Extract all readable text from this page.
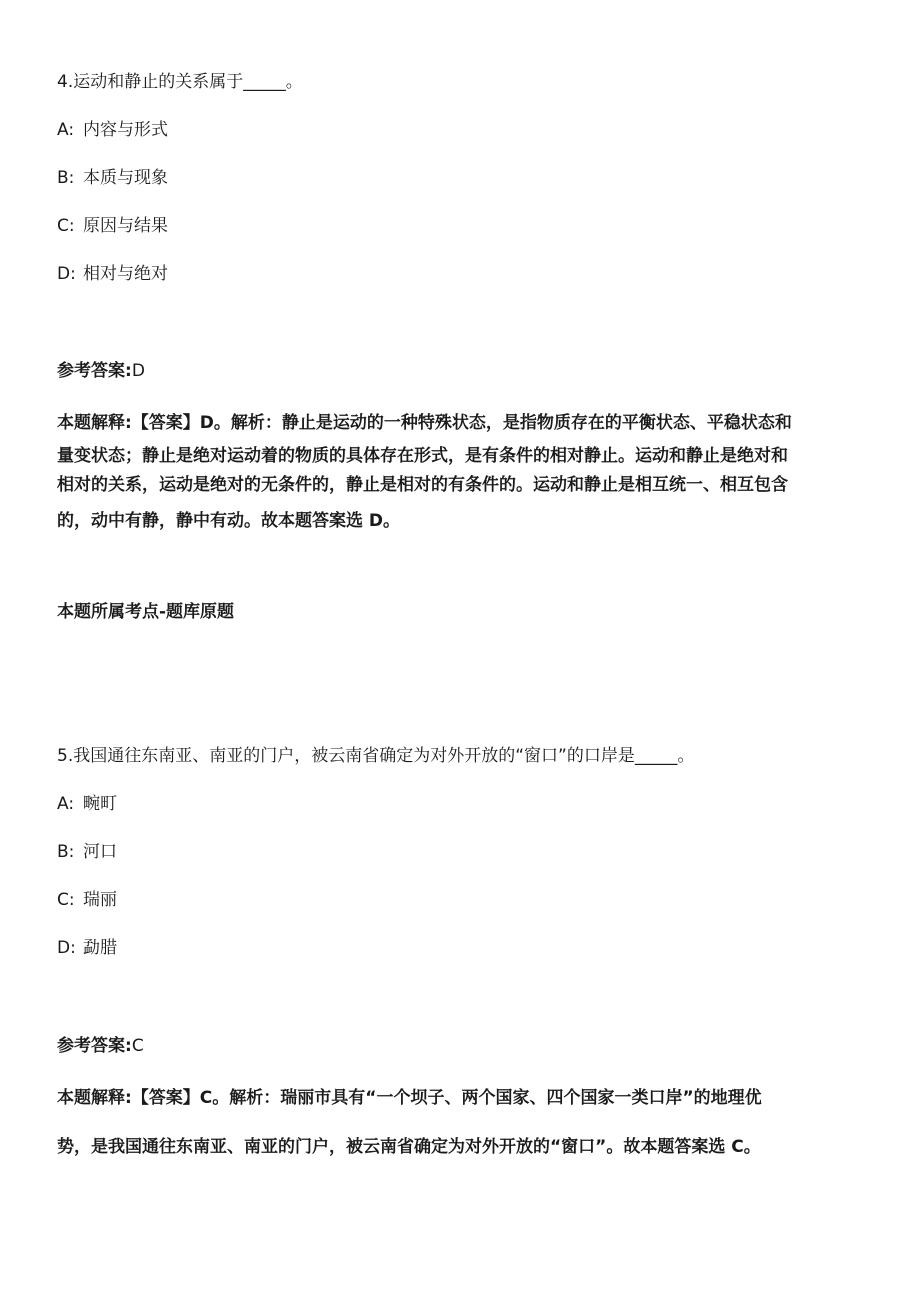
4.运动和静止的关系属于_____。
A: 内容与形式
B: 本质与现象
C: 原因与结果
D: 相对与绝对
参考答案:D
本题解释:【答案】D。解析：静止是运动的一种特殊状态，是指物质存在的平衡状态、平稳状态和
量变状态；静止是绝对运动着的物质的具体存在形式，是有条件的相对静止。运动和静止是绝对和
相对的关系，运动是绝对的无条件的，静止是相对的有条件的。运动和静止是相互统一、相互包含
的，动中有静，静中有动。故本题答案选 D。
本题所属考点-题库原题
5.我国通往东南亚、南亚的门户，被云南省确定为对外开放的“窗口”的口岸是_____。
A: 畹町
B: 河口
C: 瑞丽
D: 勐腊
参考答案:C
本题解释:【答案】C。解析：瑞丽市具有“一个坝子、两个国家、四个国家一类口岸”的地理优
势，是我国通往东南亚、南亚的门户，被云南省确定为对外开放的“窗口”。故本题答案选 C。
